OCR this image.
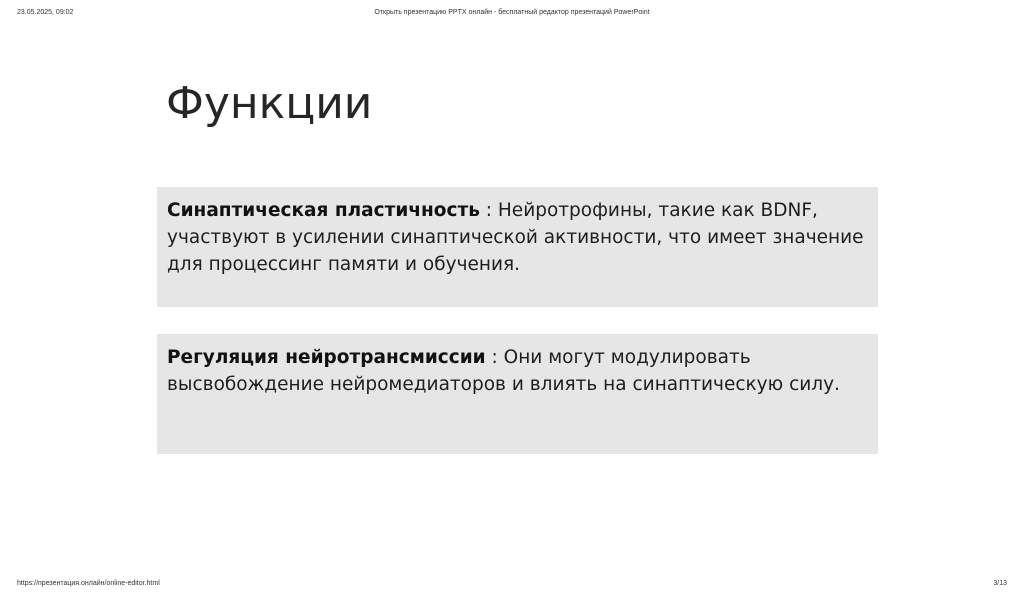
23.05.2025, 09:02	Открыть презентацию PPTX онлайн - бесплатный редактор презентаций PowerPoint
Функции
Синаптическая пластичность : Нейротрофины, такие как BDNF, участвуют в усилении синаптической активности, что имеет значение для процессинг памяти и обучения.
Регуляция нейротрансмиссии : Они могут модулировать высвобождение нейромедиаторов и влиять на синаптическую силу.
https://презентация.онлайн/online-editor.html	3/13
